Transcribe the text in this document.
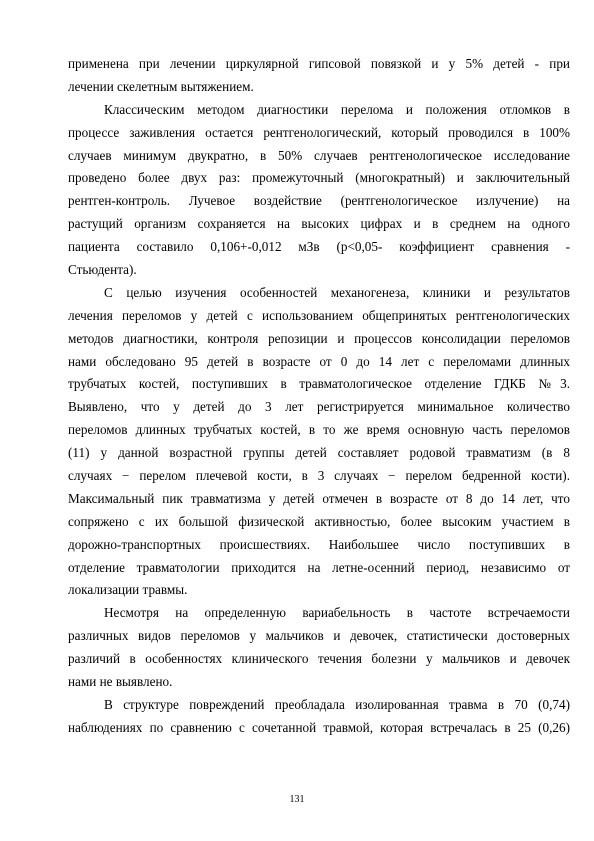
применена при лечении циркулярной гипсовой повязкой и у 5% детей - при
лечении скелетным вытяжением.
Классическим методом диагностики перелома и положения отломков в
процессе заживления остается рентгенологический, который проводился в 100%
случаев минимум двукратно, в 50% случаев рентгенологическое исследование
проведено более двух раз: промежуточный (многократный) и заключительный
рентген-контроль. Лучевое воздействие (рентгенологическое излучение) на
растущий организм сохраняется на высоких цифрах и в среднем на одного
пациента составило 0,106+-0,012 мЗв (p<0,05- коэффициент сравнения -
Стьюдента).
С целью изучения особенностей механогенеза, клиники и результатов
лечения переломов у детей с использованием общепринятых рентгенологических
методов диагностики, контроля репозиции и процессов консолидации переломов
нами обследовано 95 детей в возрасте от 0 до 14 лет с переломами длинных
трубчатых костей, поступивших в травматологическое отделение ГДКБ №3.
Выявлено, что у детей до 3 лет регистрируется минимальное количество
переломов длинных трубчатых костей, в то же время основную часть переломов
(11) у данной возрастной группы детей составляет родовой травматизм (в 8
случаях − перелом плечевой кости, в 3 случаях − перелом бедренной кости).
Максимальный пик травматизма у детей отмечен в возрасте от 8 до 14 лет, что
сопряжено с их большой физической активностью, более высоким участием в
дорожно-транспортных происшествиях. Наибольшее число поступивших в
отделение травматологии приходится на летне-осенний период, независимо от
локализации травмы.
Несмотря на определенную вариабельность в частоте встречаемости
различных видов переломов у мальчиков и девочек, статистически достоверных
различий в особенностях клинического течения болезни у мальчиков и девочек
нами не выявлено.
В структуре повреждений преобладала изолированная травма в 70 (0,74)
наблюдениях по сравнению с сочетанной травмой, которая встречалась в 25 (0,26)
131
